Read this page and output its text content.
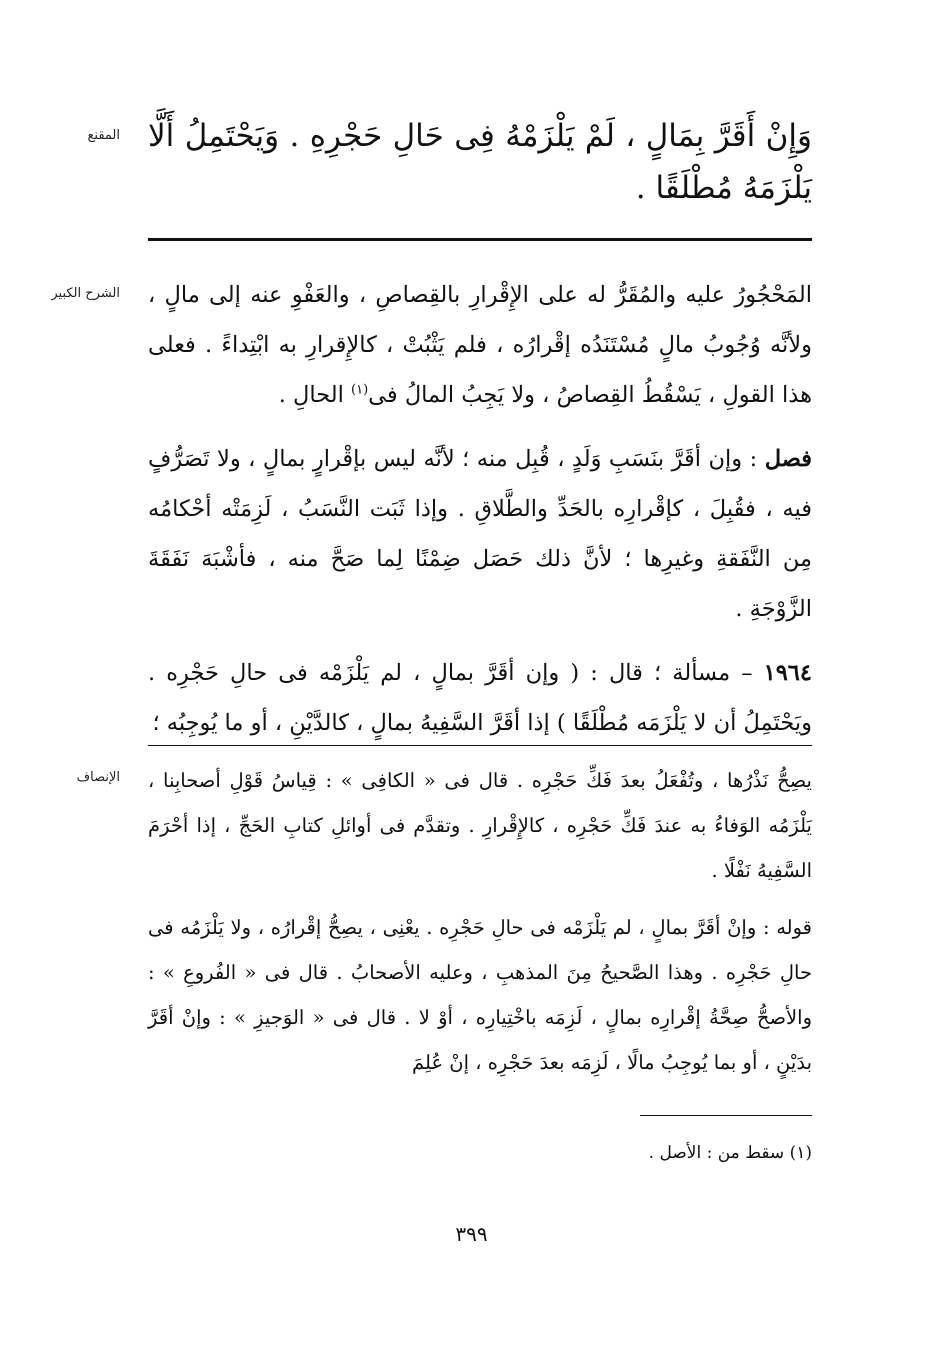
المقنع وَإِنْ أَقَرَّ بِمَالٍ ، لَمْ يَلْزَمْهُ فِى حَالِ حَجْرِهِ . وَيَحْتَمِلُ أَلَّا يَلْزَمَهُ مُطْلَقًا .

الشرح الكبير المَحْجُورُ عليه والمُقَرُّ له على الإِقْرارِ بالقِصاصِ ، والعَفْوِ عنه إلى مالٍ ، ولأنَّه وُجُوبُ مالٍ مُسْتَنَدُه إقْرارُه ، فلم يَثْبُتْ ، كالإِقرارِ به ابْتِداءً . فعلى هذا القولِ ، يَسْقُطُ القِصاصُ ، ولا يَجِبُ المالُ فى$^{(١)}$ الحالِ .

فصل : وإن أقَرَّ بنَسَبِ وَلَدٍ ، قُبِل منه ؛ لأنَّه ليس بإقْرارٍ بمالٍ ، ولا تَصَرُّفٍ فيه ، فقُبِلَ ، كإقْرارِه بالحَدِّ والطَّلاقِ . وإذا ثَبَت النَّسَبُ ، لَزِمَتْه أحْكامُه مِن النَّفَقةِ وغيرِها ؛ لأنَّ ذلك حَصَل ضِمْنًا لِما صَحَّ منه ، فأشْبَهَ نَفَقَةَ الزَّوْجَةِ .

١٩٦٤ – مسألة ؛ قال : ( وإن أقَرَّ بمالٍ ، لم يَلْزَمْه فى حالِ حَجْرِه . ويَحْتَمِلُ أن لا يَلْزَمَه مُطْلَقًا ) إذا أقَرَّ السَّفِيهُ بمالٍ ، كالدَّيْنِ ، أو ما يُوجِبُه ؛

الإنصاف يصِحُّ نَذْرُها ، وتُفْعَلُ بعدَ فَكِّ حَجْرِه . قال فى « الكافِى » : قِياسُ قَوْلِ أصحابِنا ، يَلْزَمُه الوَفاءُ به عندَ فَكِّ حَجْرِه ، كالإِقْرارِ . وتقدَّم فى أوائلِ كتابِ الحَجِّ ، إذا أحْرَمَ السَّفِيهُ نَفْلًا .

قوله : وإنْ أقَرَّ بمالٍ ، لم يَلْزَمْه فى حالِ حَجْرِه . يعْنِى ، يصِحُّ إقْرارُه ، ولا يَلْزَمُه فى حالِ حَجْرِه . وهذا الصَّحيحُ مِنَ المذهبِ ، وعليه الأصحابُ . قال فى « الفُروعِ » : والأصحُّ صِحَّةُ إقْرارِه بمالٍ ، لَزِمَه باخْتِيارِه ، أوْ لا . قال فى « الوَجيزِ » : وإنْ أقَرَّ بدَيْنٍ ، أو بما يُوجِبُ مالًا ، لَزِمَه بعدَ حَجْرِه ، إنْ عُلِمَ

(١) سقط من : الأصل .
٣٩٩
